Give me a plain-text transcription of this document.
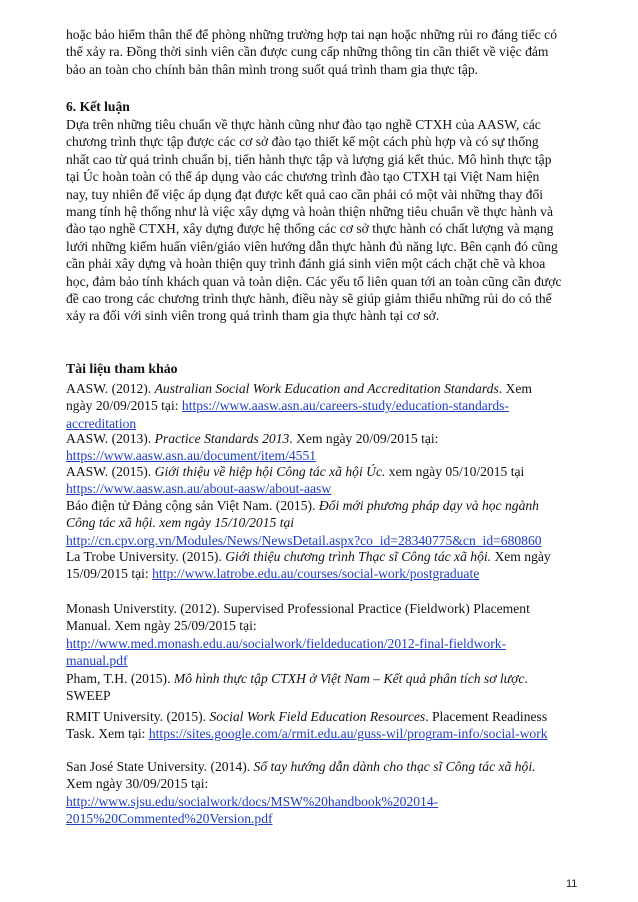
hoặc bảo hiểm thân thể để phòng những trường hợp tai nạn hoặc những rủi ro đáng tiếc có
thể xảy ra. Đồng thời sinh viên cần được cung cấp những thông tin cần thiết về việc đảm
bảo an toàn cho chính bản thân mình trong suốt quá trình tham gia thực tập.
6. Kết luận
Dựa trên những tiêu chuẩn về thực hành cũng như đào tạo nghề CTXH của AASW, các
chương trình thực tập được các cơ sở đào tạo thiết kế một cách phù hợp và có sự thống
nhất cao từ quá trình chuẩn bị, tiến hành thực tập và lượng giá kết thúc. Mô hình thực tập
tại Úc hoàn toàn có thể áp dụng vào các chương trình đào tạo CTXH tại Việt Nam hiện
nay, tuy nhiên để việc áp dụng đạt được kết quả cao cần phải có một vài những thay đổi
mang tính hệ thống như là việc xây dựng và hoàn thiện những tiêu chuẩn về thực hành và
đào tạo nghề CTXH, xây dựng được hệ thống các cơ sở thực hành có chất lượng và mạng
lưới những kiểm huấn viên/giáo viên hướng dẫn thực hành đủ năng lực. Bên cạnh đó cũng
cần phải xây dựng và hoàn thiện quy trình đánh giá sinh viên một cách chặt chẽ và khoa
học, đảm bảo tính khách quan và toàn diện. Các yếu tố liên quan tới an toàn cũng cần được
đề cao trong các chương trình thực hành, điều này sẽ giúp giảm thiểu những rủi do có thể
xảy ra đối với sinh viên trong quá trình tham gia thực hành tại cơ sở.
Tài liệu tham khảo

AASW. (2012). Australian Social Work Education and Accreditation Standards. Xem

ngày 20/09/2015 tại: https://www.aasw.asn.au/careers-study/education-standards-

accreditation

AASW. (2013). Practice Standards 2013. Xem ngày 20/09/2015 tại:

https://www.aasw.asn.au/document/item/4551

AASW. (2015). Giới thiệu về hiệp hội Công tác xã hội Úc. xem ngày 05/10/2015 tại

https://www.aasw.asn.au/about-aasw/about-aasw

Báo điện tử Đảng cộng sản Việt Nam. (2015). Đổi mới phương pháp dạy và học ngành

Công tác xã hội. xem ngày 15/10/2015 tại

http://cn.cpv.org.vn/Modules/News/NewsDetail.aspx?co_id=28340775&cn_id=680860

La Trobe University. (2015). Giới thiệu chương trình Thạc sĩ Công tác xã hội. Xem ngày

15/09/2015 tại: http://www.latrobe.edu.au/courses/social-work/postgraduate

Monash Universtity. (2012). Supervised Professional Practice (Fieldwork) Placement

Manual. Xem ngày 25/09/2015 tại:

http://www.med.monash.edu.au/socialwork/fieldeducation/2012-final-fieldwork-

manual.pdf

Pham, T.H. (2015). Mô hình thực tập CTXH ở Việt Nam – Kết quả phân tích sơ lược.

SWEEP

RMIT University. (2015). Social Work Field Education Resources. Placement Readiness

Task. Xem tại: https://sites.google.com/a/rmit.edu.au/guss-wil/program-info/social-work

San José State University. (2014). Sổ tay hướng dẫn dành cho thạc sĩ Công tác xã hội.

Xem ngày 30/09/2015 tại:

http://www.sjsu.edu/socialwork/docs/MSW%20handbook%202014-

2015%20Commented%20Version.pdf

11
